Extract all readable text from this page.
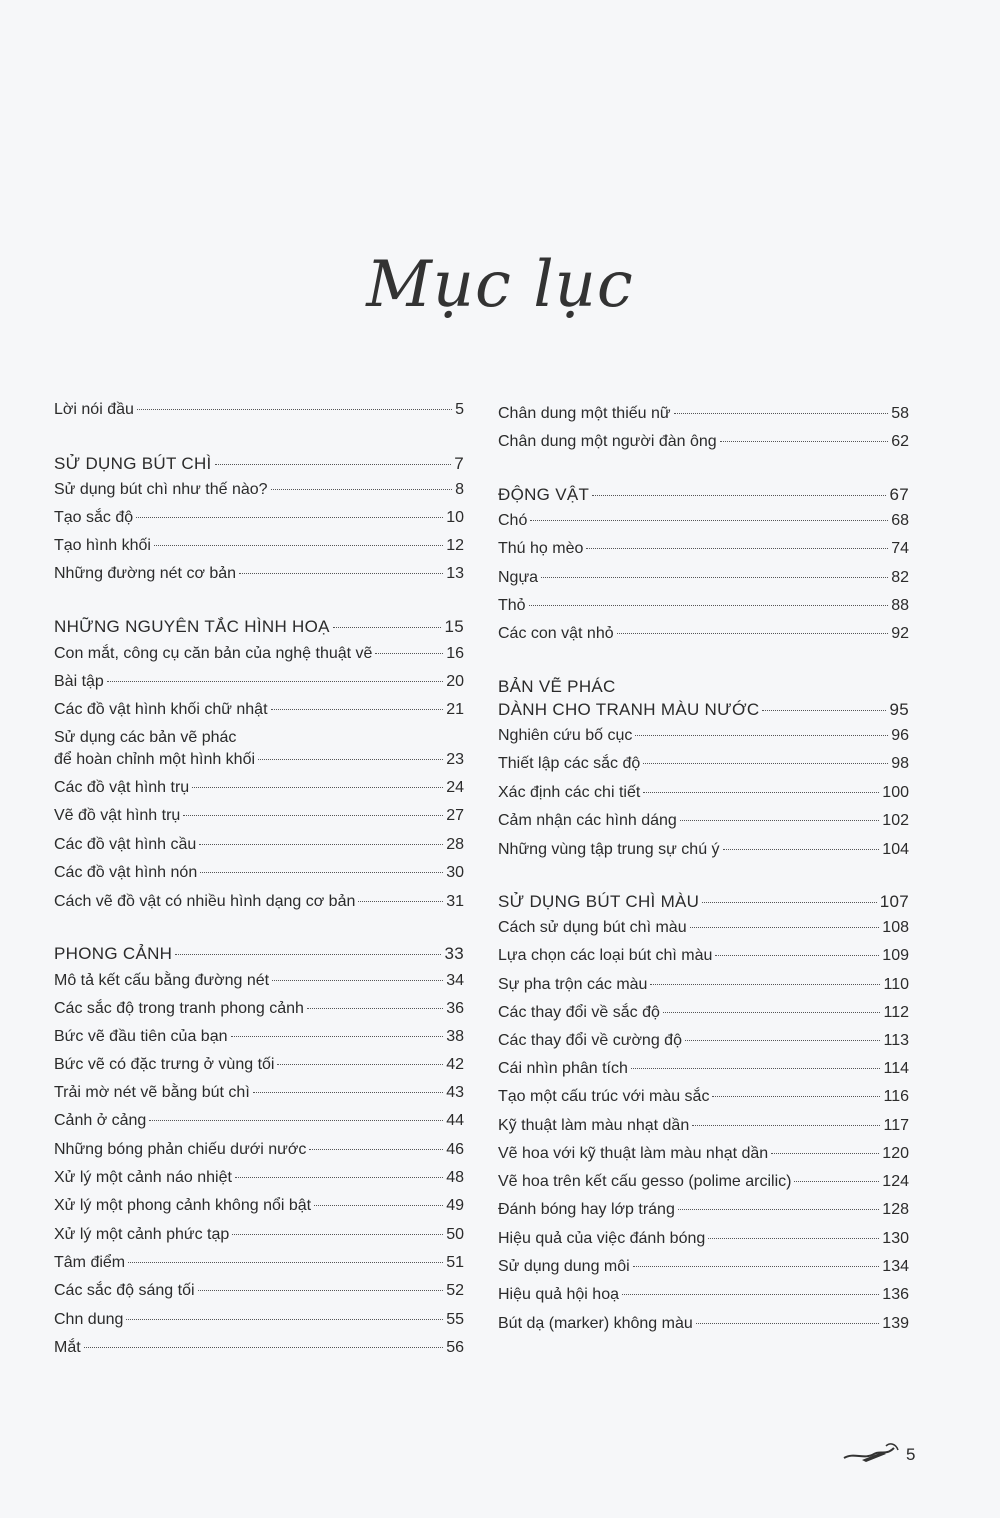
Mục lục
Lời nói đầu	5
SỬ DỤNG BÚT CHÌ	7
Sử dụng bút chì như thế nào?	8
Tạo sắc độ	10
Tạo hình khối	12
Những đường nét cơ bản	13
NHỮNG NGUYÊN TẮC HÌNH HOẠ	15
Con mắt, công cụ căn bản của nghệ thuật vẽ	16
Bài tập	20
Các đồ vật hình khối chữ nhật	21
Sử dụng các bản vẽ phác
để hoàn chỉnh một hình khối	23
Các đồ vật hình trụ	24
Vẽ đồ vật hình trụ	27
Các đồ vật hình cầu	28
Các đồ vật hình nón	30
Cách vẽ đồ vật có nhiều hình dạng cơ bản	31
PHONG CẢNH	33
Mô tả kết cấu bằng đường nét	34
Các sắc độ trong tranh phong cảnh	36
Bức vẽ đầu tiên của bạn	38
Bức vẽ có đặc trưng ở vùng tối	42
Trải mờ nét vẽ bằng bút chì	43
Cảnh ở cảng	44
Những bóng phản chiếu dưới nước	46
Xử lý một cảnh náo nhiệt	48
Xử lý một phong cảnh không nổi bật	49
Xử lý một cảnh phức tạp	50
Tâm điểm	51
Các sắc độ sáng tối	52
Chn dung	55
Mắt	56
Chân dung một thiếu nữ	58
Chân dung một người đàn ông	62
ĐỘNG VẬT	67
Chó	68
Thú họ mèo	74
Ngựa	82
Thỏ	88
Các con vật nhỏ	92
BẢN VẼ PHÁC
DÀNH CHO TRANH MÀU NƯỚC	95
Nghiên cứu bố cục	96
Thiết lập các sắc độ	98
Xác định các chi tiết	100
Cảm nhận các hình dáng	102
Những vùng tập trung sự chú ý	104
SỬ DỤNG BÚT CHÌ MÀU	107
Cách sử dụng bút chì màu	108
Lựa chọn các loại bút chì màu	109
Sự pha trộn các màu	110
Các thay đổi về sắc độ	112
Các thay đổi về cường độ	113
Cái nhìn phân tích	114
Tạo một cấu trúc với màu sắc	116
Kỹ thuật làm màu nhạt dần	117
Vẽ hoa với kỹ thuật làm màu nhạt dần	120
Vẽ hoa trên kết cấu gesso (polime arcilic)	124
Đánh bóng hay lớp tráng	128
Hiệu quả của việc đánh bóng	130
Sử dụng dung môi	134
Hiệu quả hội hoạ	136
Bút dạ (marker) không màu	139
5
